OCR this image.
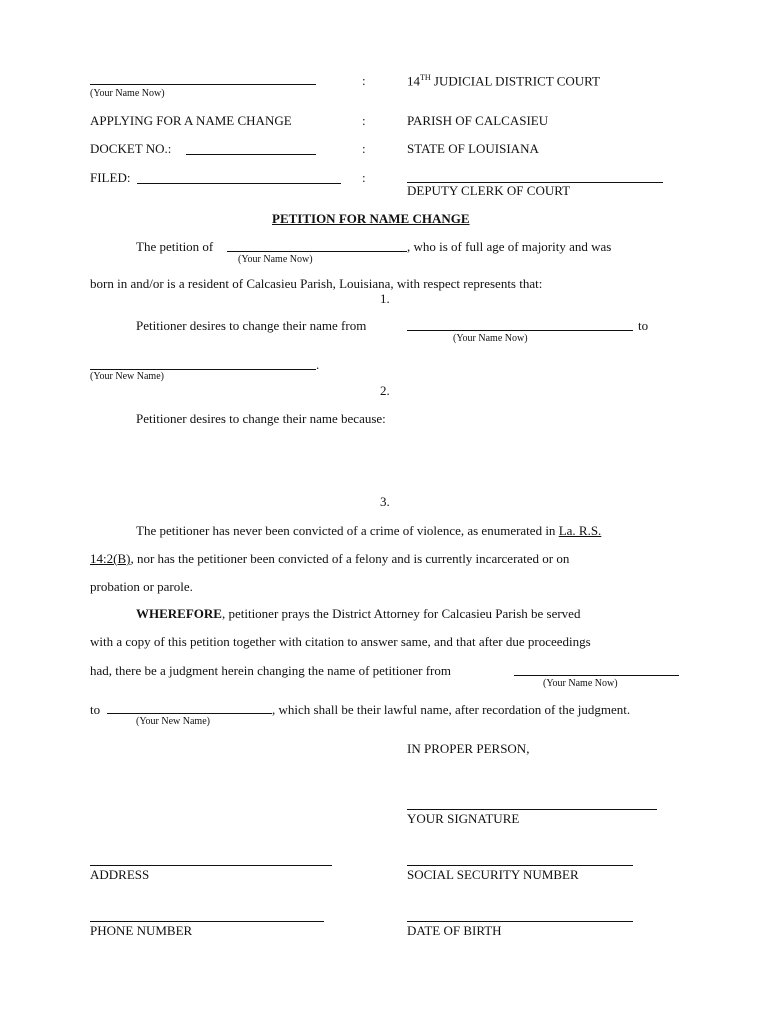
(Your Name Now)
:	14TH JUDICIAL DISTRICT COURT
APPLYING FOR A NAME CHANGE	:	PARISH OF CALCASIEU
DOCKET NO.:	:	STATE OF LOUISIANA
FILED:	:
DEPUTY CLERK OF COURT
PETITION FOR NAME CHANGE
The petition of	, who is of full age of majority and was
(Your Name Now)
born in and/or is a resident of Calcasieu Parish, Louisiana, with respect represents that:
1.
Petitioner desires to change their name from	to
(Your Name Now)
.
(Your New Name)
2.
Petitioner desires to change their name because:
3.
The petitioner has never been convicted of a crime of violence, as enumerated in La. R.S.
14:2(B), nor has the petitioner been convicted of a felony and is currently incarcerated or on
probation or parole.
WHEREFORE, petitioner prays the District Attorney for Calcasieu Parish be served
with a copy of this petition together with citation to answer same, and that after due proceedings
had, there be a judgment herein changing the name of petitioner from
(Your Name Now)
to	, which shall be their lawful name, after recordation of the judgment.
(Your New Name)
IN PROPER PERSON,
YOUR SIGNATURE
ADDRESS	SOCIAL SECURITY NUMBER
PHONE NUMBER	DATE OF BIRTH
